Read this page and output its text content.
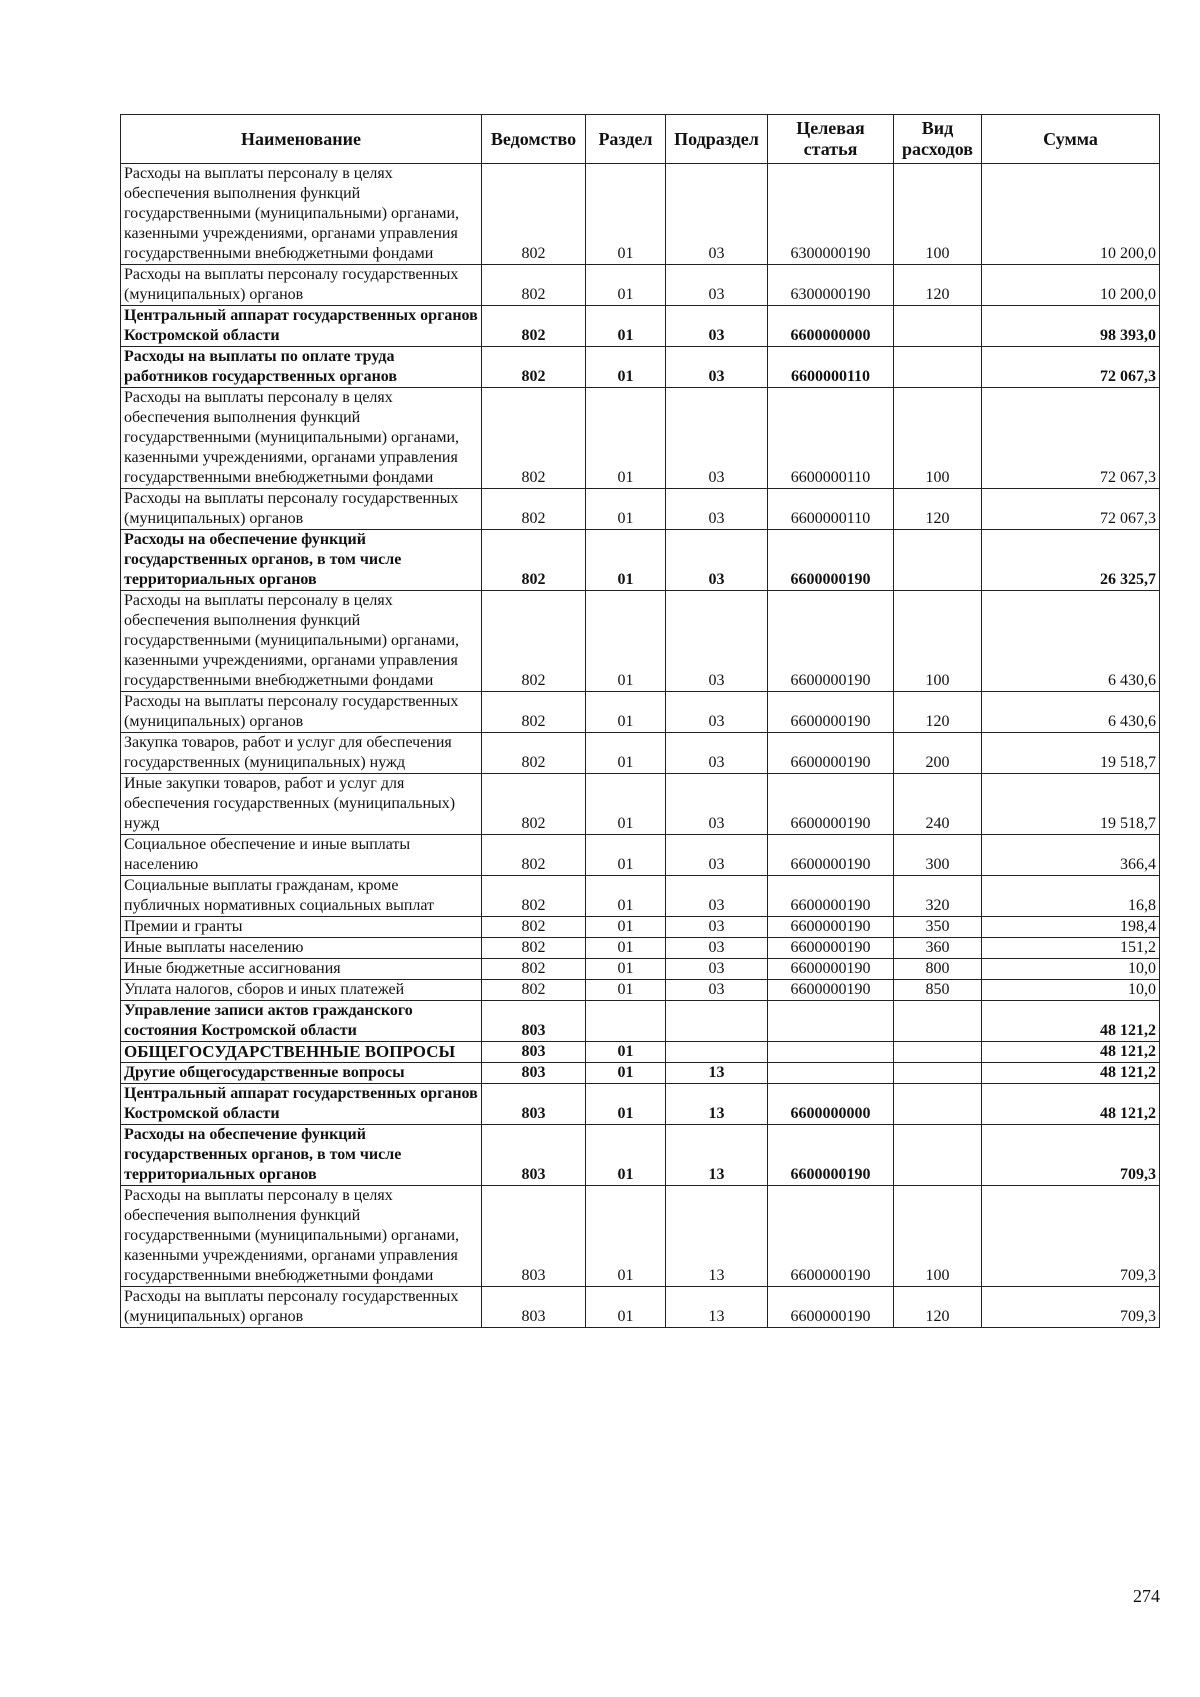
Наименование	Ведомство	Раздел	Подраздел	Целевая статья	Вид расходов	Сумма
Расходы на выплаты персоналу в целях обеспечения выполнения функций государственными (муниципальными) органами, казенными учреждениями, органами управления государственными внебюджетными фондами	802	01	03	6300000190	100	10 200,0
Расходы на выплаты персоналу государственных (муниципальных) органов	802	01	03	6300000190	120	10 200,0
Центральный аппарат государственных органов Костромской области	802	01	03	6600000000		98 393,0
Расходы на выплаты по оплате труда работников государственных органов	802	01	03	6600000110		72 067,3
Расходы на выплаты персоналу в целях обеспечения выполнения функций государственными (муниципальными) органами, казенными учреждениями, органами управления государственными внебюджетными фондами	802	01	03	6600000110	100	72 067,3
Расходы на выплаты персоналу государственных (муниципальных) органов	802	01	03	6600000110	120	72 067,3
Расходы на обеспечение функций государственных органов, в том числе территориальных органов	802	01	03	6600000190		26 325,7
Расходы на выплаты персоналу в целях обеспечения выполнения функций государственными (муниципальными) органами, казенными учреждениями, органами управления государственными внебюджетными фондами	802	01	03	6600000190	100	6 430,6
Расходы на выплаты персоналу государственных (муниципальных) органов	802	01	03	6600000190	120	6 430,6
Закупка товаров, работ и услуг для обеспечения государственных (муниципальных) нужд	802	01	03	6600000190	200	19 518,7
Иные закупки товаров, работ и услуг для обеспечения государственных (муниципальных) нужд	802	01	03	6600000190	240	19 518,7
Социальное обеспечение и иные выплаты населению	802	01	03	6600000190	300	366,4
Социальные выплаты гражданам, кроме публичных нормативных социальных выплат	802	01	03	6600000190	320	16,8
Премии и гранты	802	01	03	6600000190	350	198,4
Иные выплаты населению	802	01	03	6600000190	360	151,2
Иные бюджетные ассигнования	802	01	03	6600000190	800	10,0
Уплата налогов, сборов и иных платежей	802	01	03	6600000190	850	10,0
Управление записи актов гражданского состояния Костромской области	803					48 121,2
ОБЩЕГОСУДАРСТВЕННЫЕ ВОПРОСЫ	803	01				48 121,2
Другие общегосударственные вопросы	803	01	13			48 121,2
Центральный аппарат государственных органов Костромской области	803	01	13	6600000000		48 121,2
Расходы на обеспечение функций государственных органов, в том числе территориальных органов	803	01	13	6600000190		709,3
Расходы на выплаты персоналу в целях обеспечения выполнения функций государственными (муниципальными) органами, казенными учреждениями, органами управления государственными внебюджетными фондами	803	01	13	6600000190	100	709,3
Расходы на выплаты персоналу государственных (муниципальных) органов	803	01	13	6600000190	120	709,3
274
